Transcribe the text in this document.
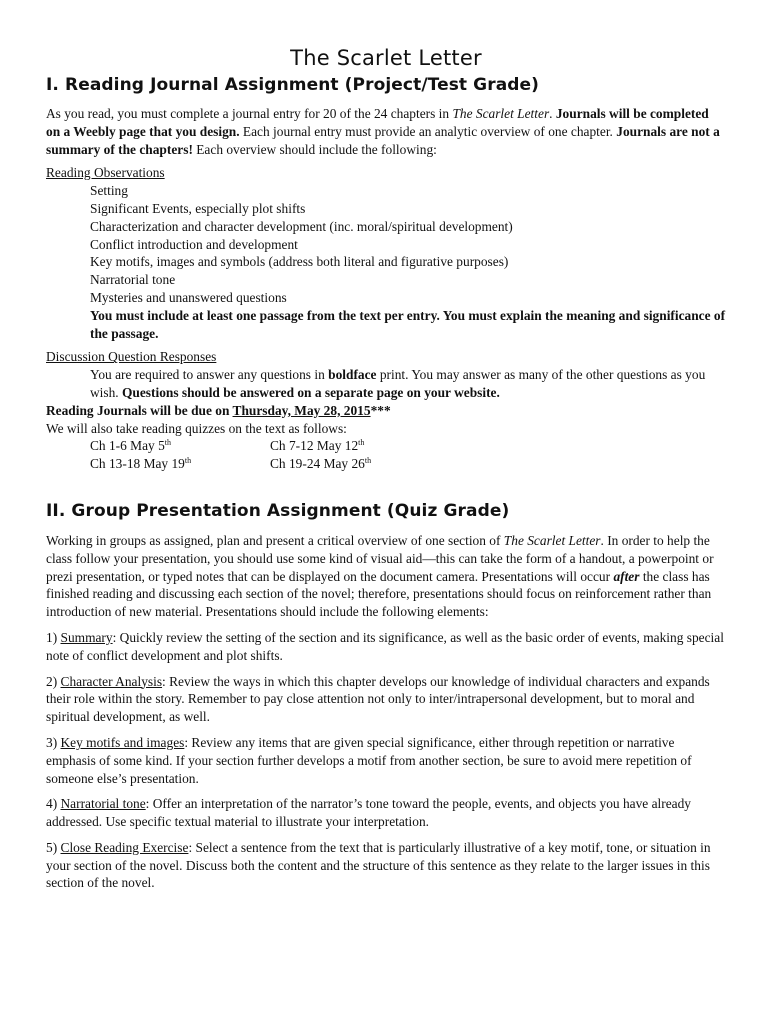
The Scarlet Letter
I. Reading Journal Assignment (Project/Test Grade)

As you read, you must complete a journal entry for 20 of the 24 chapters in The Scarlet Letter. Journals will be completed on a Weebly page that you design. Each journal entry must provide an analytic overview of one chapter. Journals are not a summary of the chapters! Each overview should include the following:

Reading Observations

Setting

Significant Events, especially plot shifts

Characterization and character development (inc. moral/spiritual development)

Conflict introduction and development

Key motifs, images and symbols (address both literal and figurative purposes)

Narratorial tone

Mysteries and unanswered questions

You must include at least one passage from the text per entry. You must explain the meaning and significance of the passage.

Discussion Question Responses

You are required to answer any questions in boldface print. You may answer as many of the other questions as you wish. Questions should be answered on a separate page on your website.

Reading Journals will be due on Thursday, May 28, 2015***

We will also take reading quizzes on the text as follows:

Ch 1-6 May 5th	Ch 7-12 May 12th
Ch 13-18 May 19th	Ch 19-24 May 26th
II. Group Presentation Assignment (Quiz Grade)

Working in groups as assigned, plan and present a critical overview of one section of The Scarlet Letter. In order to help the class follow your presentation, you should use some kind of visual aid—this can take the form of a handout, a powerpoint or prezi presentation, or typed notes that can be displayed on the document camera. Presentations will occur after the class has finished reading and discussing each section of the novel; therefore, presentations should focus on reinforcement rather than introduction of new material. Presentations should include the following elements:

1) Summary: Quickly review the setting of the section and its significance, as well as the basic order of events, making special note of conflict development and plot shifts.

2) Character Analysis: Review the ways in which this chapter develops our knowledge of individual characters and expands their role within the story. Remember to pay close attention not only to inter/intrapersonal development, but to moral and spiritual development, as well.

3) Key motifs and images: Review any items that are given special significance, either through repetition or narrative emphasis of some kind. If your section further develops a motif from another section, be sure to avoid mere repetition of someone else’s presentation.

4) Narratorial tone: Offer an interpretation of the narrator’s tone toward the people, events, and objects you have already addressed. Use specific textual material to illustrate your interpretation.

5) Close Reading Exercise: Select a sentence from the text that is particularly illustrative of a key motif, tone, or situation in your section of the novel. Discuss both the content and the structure of this sentence as they relate to the larger issues in this section of the novel.
